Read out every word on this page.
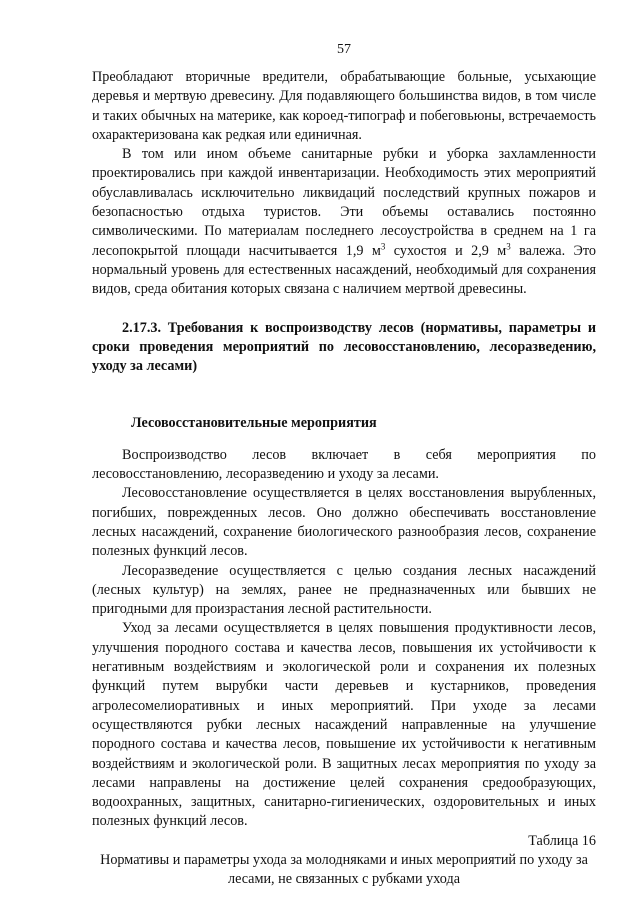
57

Преобладают вторичные вредители, обрабатывающие больные, усыхающие деревья и мертвую древесину. Для подавляющего большинства видов, в том числе и таких обычных на материке, как короед-типограф и побеговьюны, встречаемость охарактеризована как редкая или единичная.

В том или ином объеме санитарные рубки и уборка захламленности проектировались при каждой инвентаризации. Необходимость этих мероприятий обуславливалась исключительно ликвидаций последствий крупных пожаров и безопасностью отдыха туристов. Эти объемы оставались постоянно символическими. По материалам последнего лесоустройства в среднем на 1 га лесопокрытой площади насчитывается 1,9 $м^3$ сухостоя и 2,9 $м^3$ валежа. Это нормальный уровень для естественных насаждений, необходимый для сохранения видов, среда обитания которых связана с наличием мертвой древесины.

2.17.3. Требования к воспроизводству лесов (нормативы, параметры и сроки проведения мероприятий по лесовосстановлению, лесоразведению, уходу за лесами)

Лесовосстановительные мероприятия

Воспроизводство лесов включает в себя мероприятия по лесовосстановлению, лесоразведению и уходу за лесами.

Лесовосстановление осуществляется в целях восстановления вырубленных, погибших, поврежденных лесов. Оно должно обеспечивать восстановление лесных насаждений, сохранение биологического разнообразия лесов, сохранение полезных функций лесов.

Лесоразведение осуществляется с целью создания лесных насаждений (лесных культур) на землях, ранее не предназначенных или бывших не пригодными для произрастания лесной растительности.

Уход за лесами осуществляется в целях повышения продуктивности лесов, улучшения породного состава и качества лесов, повышения их устойчивости к негативным воздействиям и экологической роли и сохранения их полезных функций путем вырубки части деревьев и кустарников, проведения агролесомелиоративных и иных мероприятий. При уходе за лесами осуществляются рубки лесных насаждений направленные на улучшение породного состава и качества лесов, повышение их устойчивости к негативным воздействиям и экологической роли. В защитных лесах мероприятия по уходу за лесами направлены на достижение целей сохранения средообразующих, водоохранных, защитных, санитарно-гигиенических, оздоровительных и иных полезных функций лесов.

Таблица 16

Нормативы и параметры ухода за молодняками и иных мероприятий по уходу за лесами, не связанных с рубками ухода
